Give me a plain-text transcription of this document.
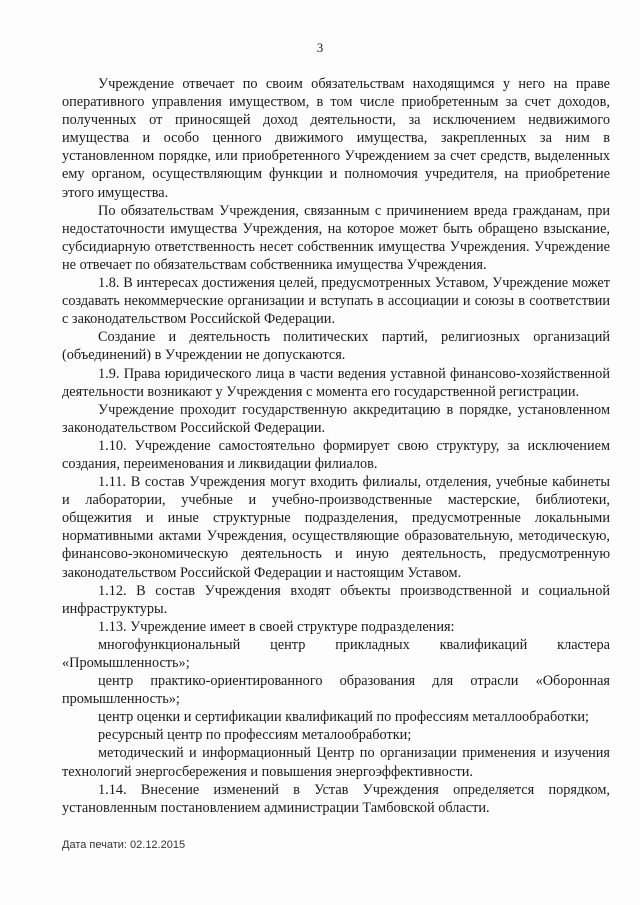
3

Учреждение отвечает по своим обязательствам находящимся у него на праве оперативного управления имуществом, в том числе приобретенным за счет доходов, полученных от приносящей доход деятельности, за исключением недвижимого имущества и особо ценного движимого имущества, закрепленных за ним в установленном порядке, или приобретенного Учреждением за счет средств, выделенных ему органом, осуществляющим функции и полномочия учредителя, на приобретение этого имущества.

По обязательствам Учреждения, связанным с причинением вреда гражданам, при недостаточности имущества Учреждения, на которое может быть обращено взыскание, субсидиарную ответственность несет собственник имущества Учреждения. Учреждение не отвечает по обязательствам собственника имущества Учреждения.

1.8. В интересах достижения целей, предусмотренных Уставом, Учреждение может создавать некоммерческие организации и вступать в ассоциации и союзы в соответствии с законодательством Российской Федерации.

Создание и деятельность политических партий, религиозных организаций (объединений) в Учреждении не допускаются.

1.9. Права юридического лица в части ведения уставной финансово-хозяйственной деятельности возникают у Учреждения с момента его государственной регистрации.

Учреждение проходит государственную аккредитацию в порядке, установленном законодательством Российской Федерации.

1.10. Учреждение самостоятельно формирует свою структуру, за исключением создания, переименования и ликвидации филиалов.

1.11. В состав Учреждения могут входить филиалы, отделения, учебные кабинеты и лаборатории, учебные и учебно-производственные мастерские, библиотеки, общежития и иные структурные подразделения, предусмотренные локальными нормативными актами Учреждения, осуществляющие образовательную, методическую, финансово-экономическую деятельность и иную деятельность, предусмотренную законодательством Российской Федерации и настоящим Уставом.

1.12. В состав Учреждения входят объекты производственной и социальной инфраструктуры.

1.13. Учреждение имеет в своей структуре подразделения:

многофункциональный центр прикладных квалификаций кластера «Промышленность»;

центр практико-ориентированного образования для отрасли «Оборонная промышленность»;

центр оценки и сертификации квалификаций по профессиям металлообработки;

ресурсный центр по профессиям металообработки;

методический и информационный Центр по организации применения и изучения технологий энергосбережения и повышения энергоэффективности.

1.14. Внесение изменений в Устав Учреждения определяется порядком, установленным постановлением администрации Тамбовской области.

Дата печати: 02.12.2015
